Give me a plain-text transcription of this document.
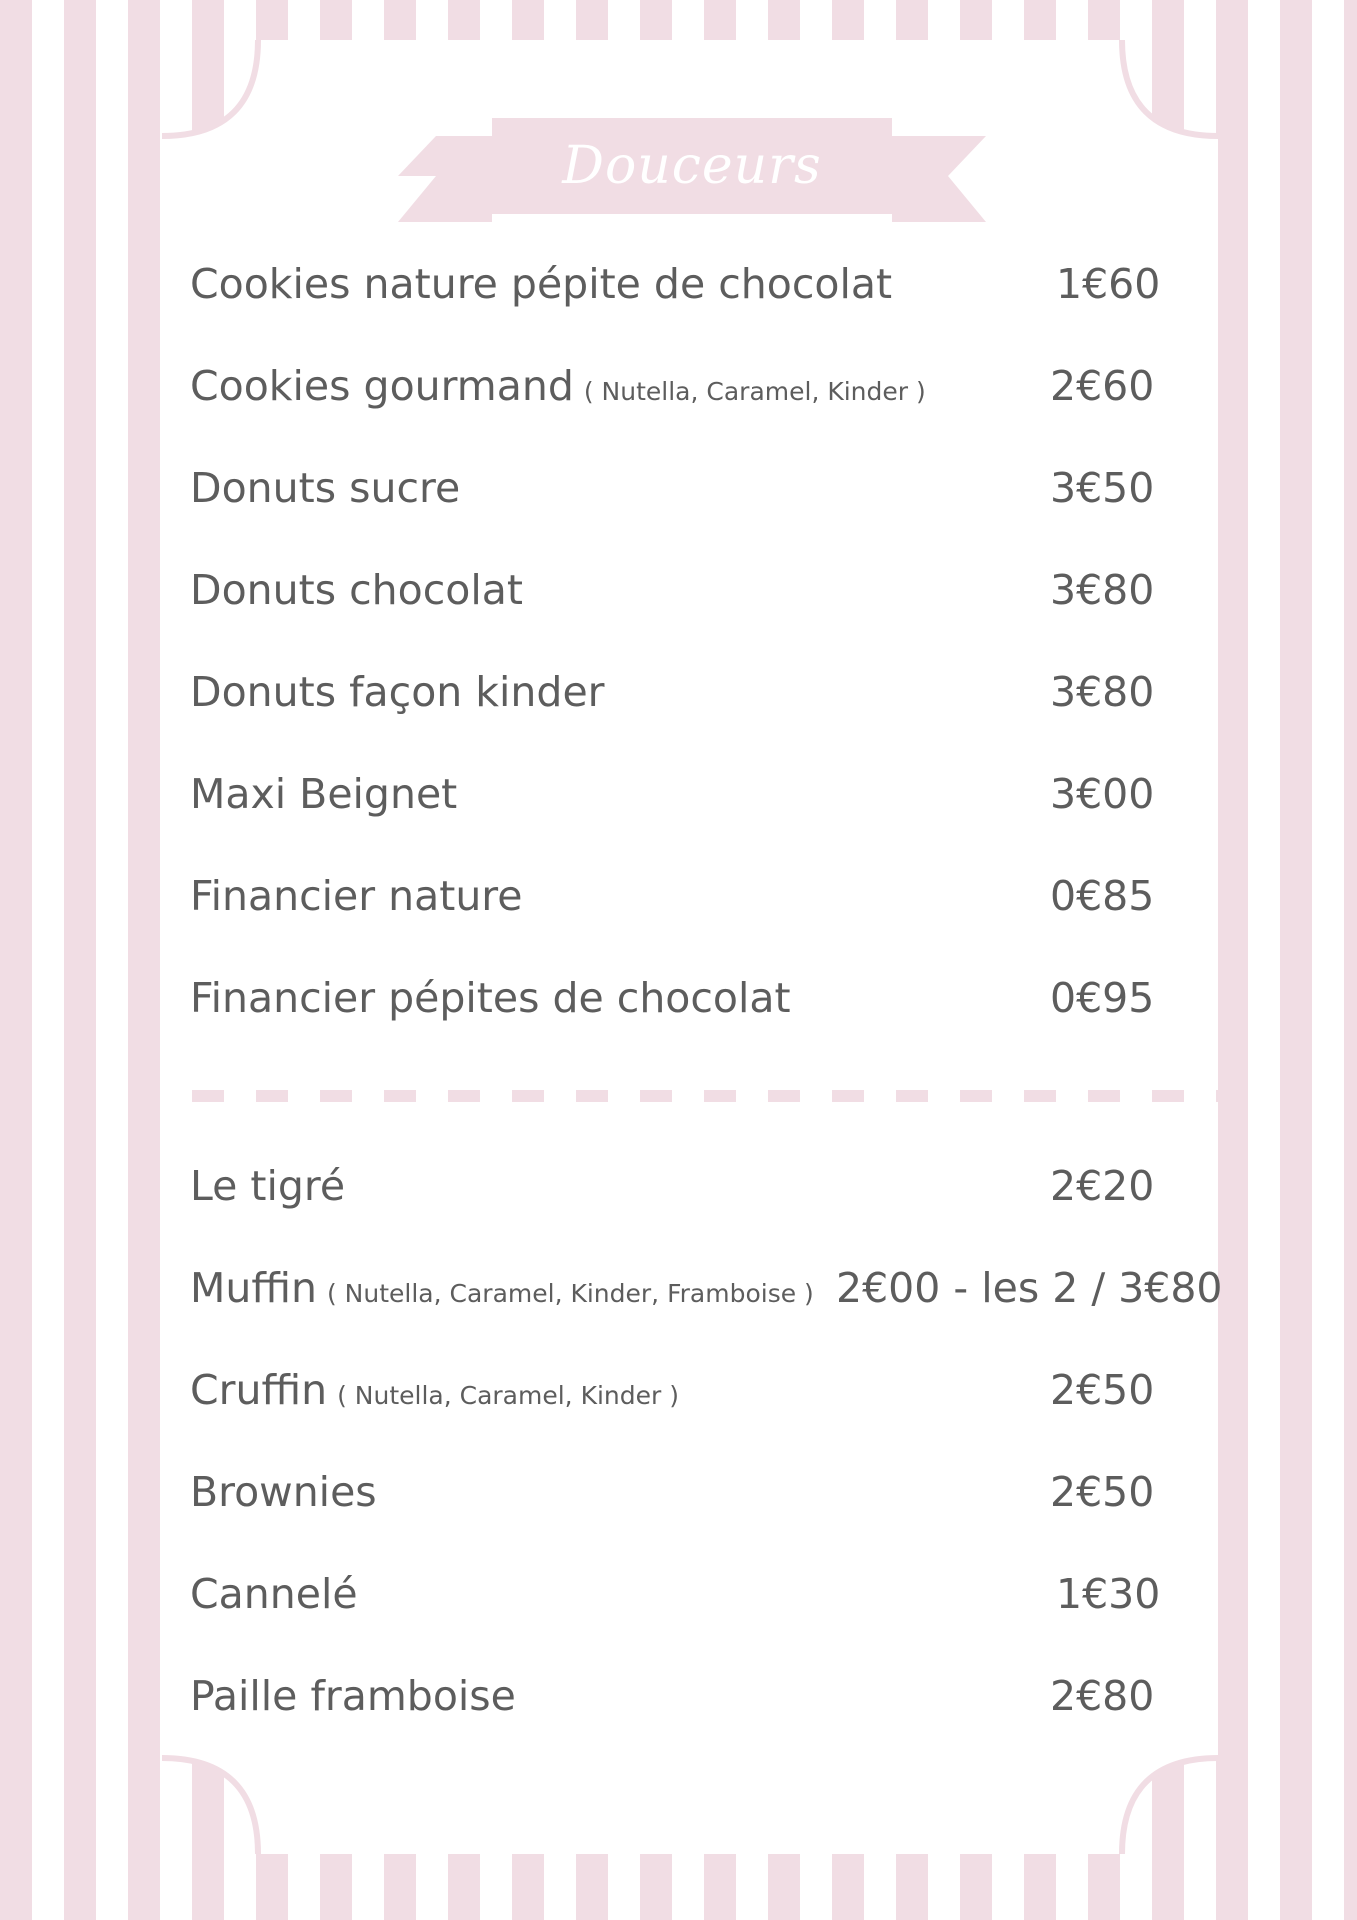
Douceurs
Cookies nature pépite de chocolat	1€60
Cookies gourmand ( Nutella, Caramel, Kinder )	2€60
Donuts sucre	3€50
Donuts chocolat	3€80
Donuts façon kinder	3€80
Maxi Beignet	3€00
Financier nature	0€85
Financier pépites de chocolat	0€95
Le tigré	2€20
Muffin ( Nutella, Caramel, Kinder, Framboise ) 2€00 - les 2 / 3€80
Cruffin ( Nutella, Caramel, Kinder )	2€50
Brownies	2€50
Cannelé	1€30
Paille framboise	2€80
